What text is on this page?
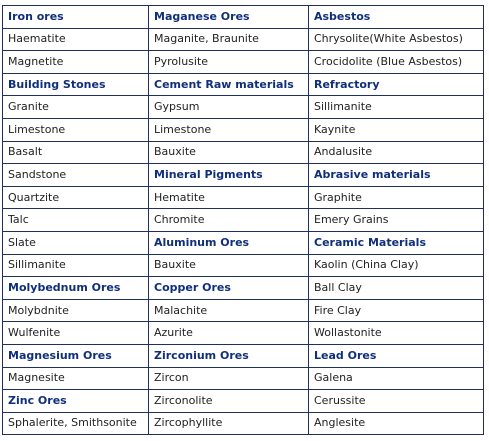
Iron ores	Maganese Ores	Asbestos
Haematite	Maganite, Braunite	Chrysolite(White Asbestos)
Magnetite	Pyrolusite	Crocidolite (Blue Asbestos)
Building Stones	Cement Raw materials	Refractory
Granite	Gypsum	Sillimanite
Limestone	Limestone	Kaynite
Basalt	Bauxite	Andalusite
Sandstone	Mineral Pigments	Abrasive materials
Quartzite	Hematite	Graphite
Talc	Chromite	Emery Grains
Slate	Aluminum Ores	Ceramic Materials
Sillimanite	Bauxite	Kaolin (China Clay)
Molybednum Ores	Copper Ores	Ball Clay
Molybdnite	Malachite	Fire Clay
Wulfenite	Azurite	Wollastonite
Magnesium Ores	Zirconium Ores	Lead Ores
Magnesite	Zircon	Galena
Zinc Ores	Zirconolite	Cerussite
Sphalerite, Smithsonite	Zircophyllite	Anglesite
